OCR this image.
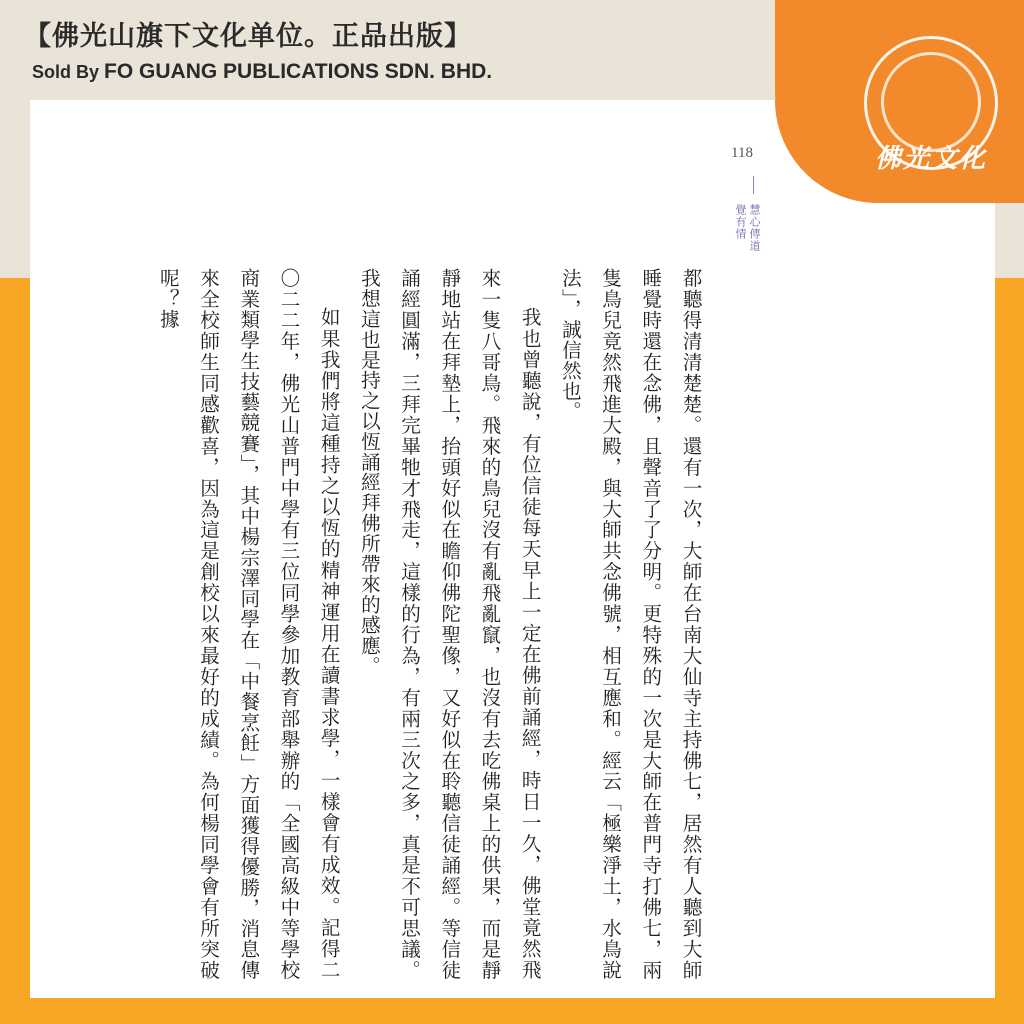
【佛光山旗下文化单位。正品出版】
Sold By FO GUANG PUBLICATIONS SDN. BHD.
佛光文化
118
慧心傳道
覺有情

都聽得清清楚楚。還有一次，大師在台南大仙寺主持佛七，居然有人聽到大師睡覺時還在念佛，且聲音了了分明。更特殊的一次是大師在普門寺打佛七，兩隻鳥兒竟然飛進大殿，與大師共念佛號，相互應和。經云「極樂淨土，水鳥說法」，誠信然也。

我也曾聽說，有位信徒每天早上一定在佛前誦經，時日一久，佛堂竟然飛來一隻八哥鳥。飛來的鳥兒沒有亂飛亂竄，也沒有去吃佛桌上的供果，而是靜靜地站在拜墊上，抬頭好似在瞻仰佛陀聖像，又好似在聆聽信徒誦經。等信徒誦經圓滿，三拜完畢牠才飛走，這樣的行為，有兩三次之多，真是不可思議。我想這也是持之以恆誦經拜佛所帶來的感應。

如果我們將這種持之以恆的精神運用在讀書求學，一樣會有成效。記得二〇二二年，佛光山普門中學有三位同學參加教育部舉辦的「全國高級中等學校商業類學生技藝競賽」，其中楊宗澤同學在「中餐烹飪」方面獲得優勝，消息傳來全校師生同感歡喜，因為這是創校以來最好的成績。為何楊同學會有所突破呢？據
